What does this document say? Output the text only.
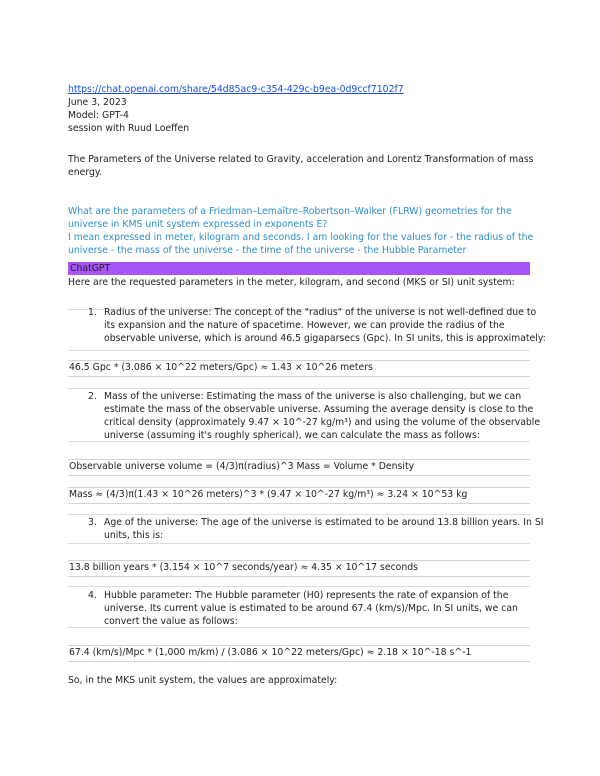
https://chat.openai.com/share/54d85ac9-c354-429c-b9ea-0d9ccf7102f7
June 3, 2023
Model: GPT-4
session with Ruud Loeffen
The Parameters of the Universe related to Gravity, acceleration and Lorentz Transformation of mass
energy.
What are the parameters of a Friedman–Lemaître–Robertson–Walker (FLRW) geometries for the
universe in KMS unit system expressed in exponents E?
I mean expressed in meter, kilogram and seconds. I am looking for the values for - the radius of the
universe - the mass of the universe - the time of the universe - the Hubble Parameter
ChatGPT
Here are the requested parameters in the meter, kilogram, and second (MKS or SI) unit system:
1. Radius of the universe: The concept of the "radius" of the universe is not well-defined due to
its expansion and the nature of spacetime. However, we can provide the radius of the
observable universe, which is around 46.5 gigaparsecs (Gpc). In SI units, this is approximately:
46.5 Gpc * (3.086 × 10^22 meters/Gpc) ≈ 1.43 × 10^26 meters
2. Mass of the universe: Estimating the mass of the universe is also challenging, but we can
estimate the mass of the observable universe. Assuming the average density is close to the
critical density (approximately 9.47 × 10^-27 kg/m³) and using the volume of the observable
universe (assuming it's roughly spherical), we can calculate the mass as follows:
Observable universe volume = (4/3)π(radius)^3 Mass = Volume * Density
Mass ≈ (4/3)π(1.43 × 10^26 meters)^3 * (9.47 × 10^-27 kg/m³) ≈ 3.24 × 10^53 kg
3. Age of the universe: The age of the universe is estimated to be around 13.8 billion years. In SI
units, this is:
13.8 billion years * (3.154 × 10^7 seconds/year) ≈ 4.35 × 10^17 seconds
4. Hubble parameter: The Hubble parameter (H0) represents the rate of expansion of the
universe. Its current value is estimated to be around 67.4 (km/s)/Mpc. In SI units, we can
convert the value as follows:
67.4 (km/s)/Mpc * (1,000 m/km) / (3.086 × 10^22 meters/Gpc) ≈ 2.18 × 10^-18 s^-1
So, in the MKS unit system, the values are approximately:
